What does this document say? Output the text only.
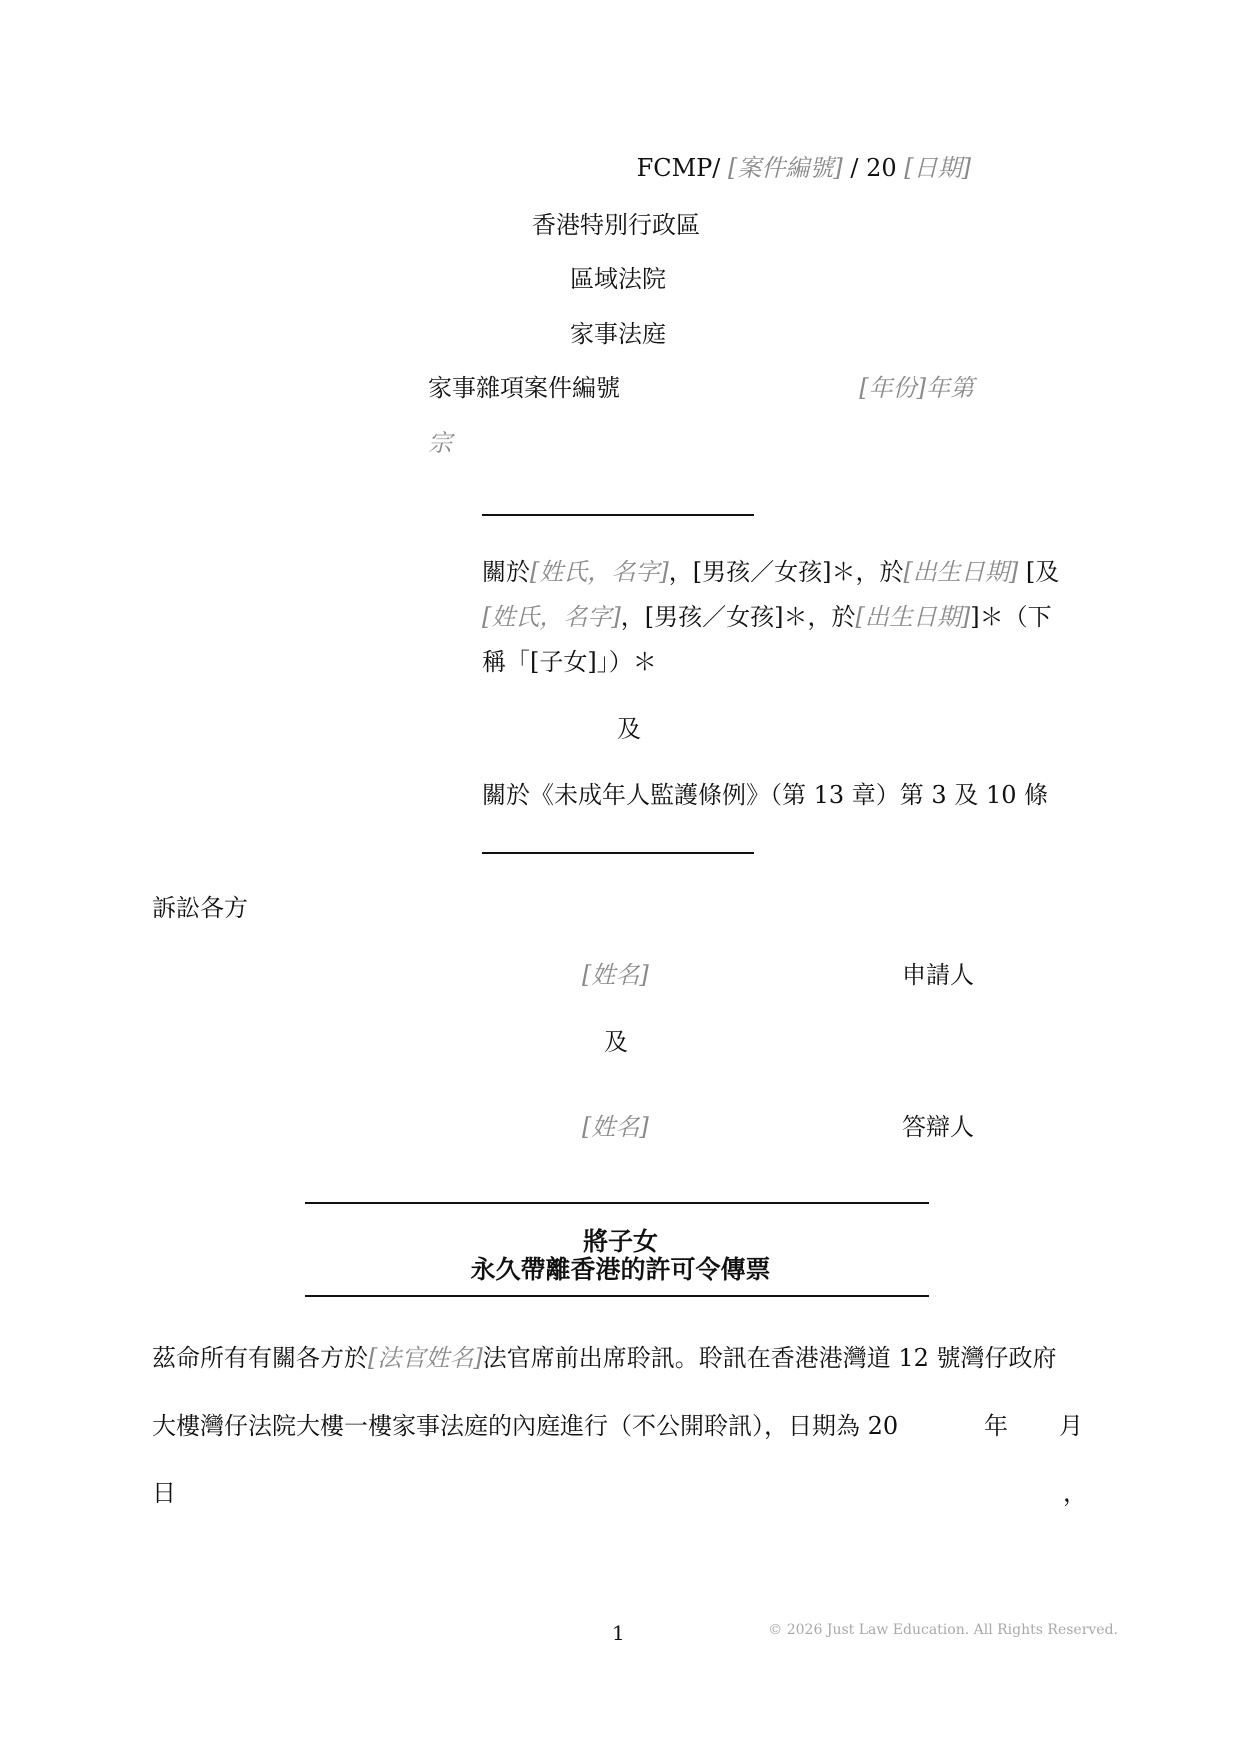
FCMP/ [案件編號] / 20 [日期]
香港特別行政區
區域法院
家事法庭
家事雜項案件編號	[年份]年第
宗
關於[姓氏，名字]，[男孩／女孩]＊，於[出生日期] [及
[姓氏，名字]，[男孩／女孩]＊，於[出生日期]]＊（下
稱「[子女]」）＊
及
關於《未成年人監護條例》（第 13 章）第 3 及 10 條
訴訟各方
[姓名]	申請人
及
[姓名]	答辯人
將子女
永久帶離香港的許可令傳票
茲命所有有關各方於[法官姓名]法官席前出席聆訊。聆訊在香港港灣道 12 號灣仔政府
大樓灣仔法院大樓一樓家事法庭的內庭進行（不公開聆訊），日期為 20	年 月
日	，
1	© 2026 Just Law Education. All Rights Reserved.
